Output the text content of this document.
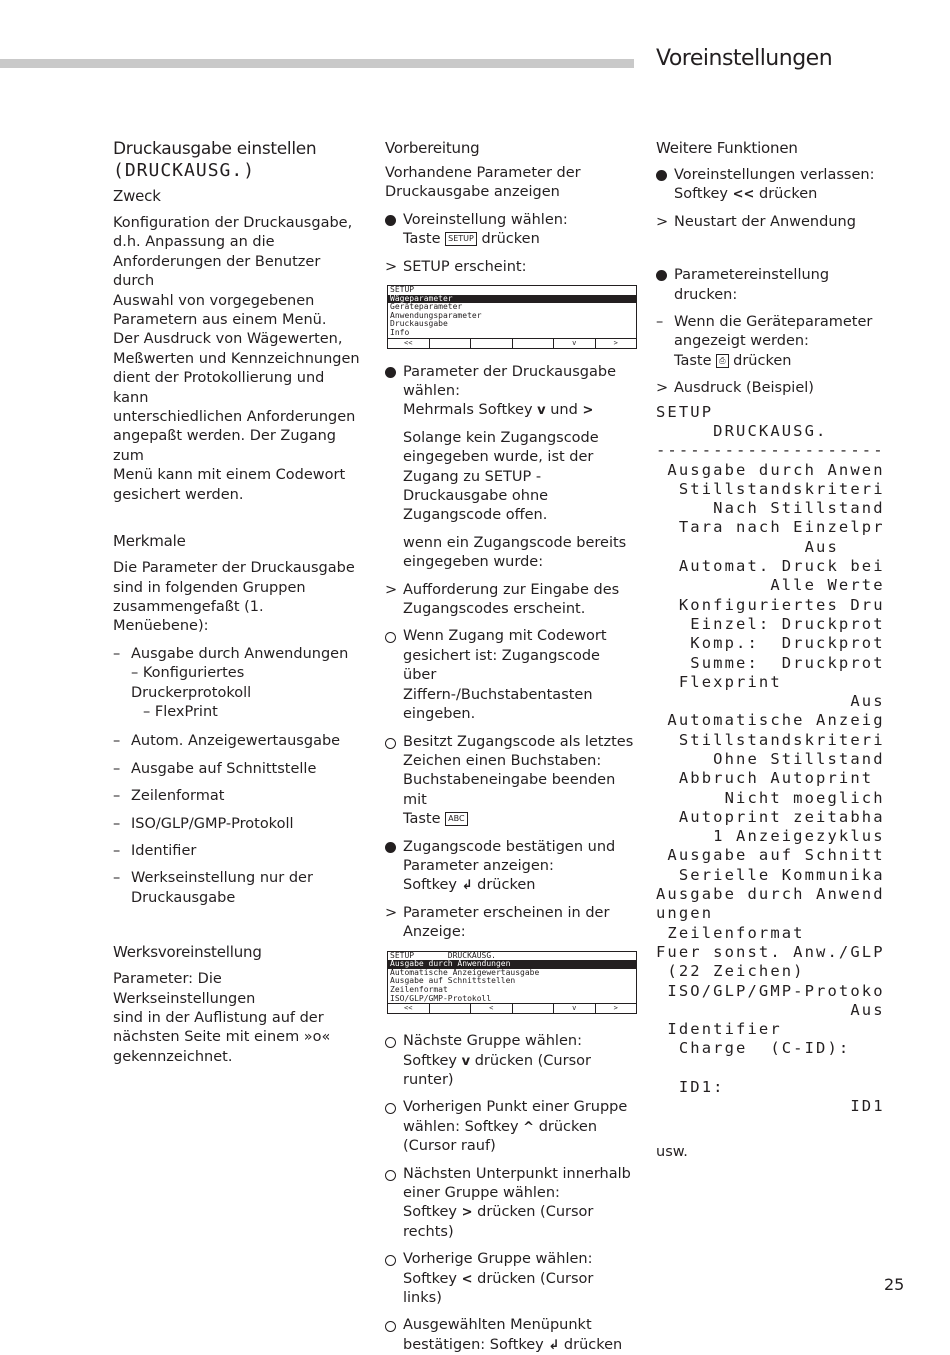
Voreinstellungen
Druckausgabe einstellen
(DRUCKAUSG.)
Zweck
Konfiguration der Druckausgabe,
d.h. Anpassung an die
Anforderungen der Benutzer durch
Auswahl von vorgegebenen
Parametern aus einem Menü.
Der Ausdruck von Wägewerten,
Meßwerten und Kennzeichnungen
dient der Protokollierung und kann
unterschiedlichen Anforderungen
angepaßt werden. Der Zugang zum
Menü kann mit einem Codewort
gesichert werden.
Merkmale
Die Parameter der Druckausgabe
sind in folgenden Gruppen
zusammengefaßt (1. Menüebene):
– Ausgabe durch Anwendungen
– Konfiguriertes Druckerprotokoll
– FlexPrint
– Autom. Anzeigewertausgabe
– Ausgabe auf Schnittstelle
– Zeilenformat
– ISO/GLP/GMP-Protokoll
– Identifier
– Werkseinstellung nur der
Druckausgabe
Werksvoreinstellung
Parameter: Die Werkseinstellungen
sind in der Auflistung auf der
nächsten Seite mit einem »o«
gekennzeichnet.
Vorbereitung
Vorhandene Parameter der
Druckausgabe anzeigen
Voreinstellung wählen:
Taste SETUP drücken
> SETUP erscheint:
SETUP
Wägeparameter
Geräteparameter
Anwendungsparameter
Druckausgabe
Info
<<	v	>
Parameter der Druckausgabe
wählen:
Mehrmals Softkey v und >
Solange kein Zugangscode
eingegeben wurde, ist der
Zugang zu SETUP -
Druckausgabe ohne
Zugangscode offen.
wenn ein Zugangscode bereits
eingegeben wurde:
> Aufforderung zur Eingabe des
Zugangscodes erscheint.
Wenn Zugang mit Codewort
gesichert ist: Zugangscode über
Ziffern-/Buchstabentasten
eingeben.
Besitzt Zugangscode als letztes
Zeichen einen Buchstaben:
Buchstabeneingabe beenden mit
Taste ABC
Zugangscode bestätigen und
Parameter anzeigen:
Softkey ↲ drücken
> Parameter erscheinen in der
Anzeige:
SETUP       DRUCKAUSG.
Ausgabe durch Anwendungen
Automatische Anzeigewertausgabe
Ausgabe auf Schnittstellen
Zeilenformat
ISO/GLP/GMP-Protokoll
<<	<	v	>
Nächste Gruppe wählen:
Softkey v drücken (Cursor runter)
Vorherigen Punkt einer Gruppe
wählen: Softkey ^ drücken
(Cursor rauf)
Nächsten Unterpunkt innerhalb
einer Gruppe wählen:
Softkey > drücken (Cursor rechts)
Vorherige Gruppe wählen:
Softkey < drücken (Cursor links)
Ausgewählten Menüpunkt
bestätigen: Softkey ↲ drücken
Weitere Funktionen
Voreinstellungen verlassen:
Softkey << drücken
> Neustart der Anwendung
Parametereinstellung drucken:
– Wenn die Geräteparameter
angezeigt werden:
Taste ⎙ drücken
> Ausdruck (Beispiel)
SETUP
DRUCKAUSG.
--------------------
Ausgabe durch Anwen
Stillstandskriteri
Nach Stillstand
Tara nach Einzelpr
Aus
Automat. Druck bei
Alle Werte
Konfiguriertes Dru
Einzel: Druckprot
Komp.:  Druckprot
Summe:  Druckprot
Flexprint
Aus
Automatische Anzeig
Stillstandskriteri
Ohne Stillstand
Abbruch Autoprint
Nicht moeglich
Autoprint zeitabha
1 Anzeigezyklus
Ausgabe auf Schnitt
Serielle Kommunika
Ausgabe durch Anwend
ungen
Zeilenformat
Fuer sonst. Anw./GLP
(22 Zeichen)
ISO/GLP/GMP-Protoko
Aus
Identifier
Charge  (C-ID):

ID1:
ID1
usw.
25
